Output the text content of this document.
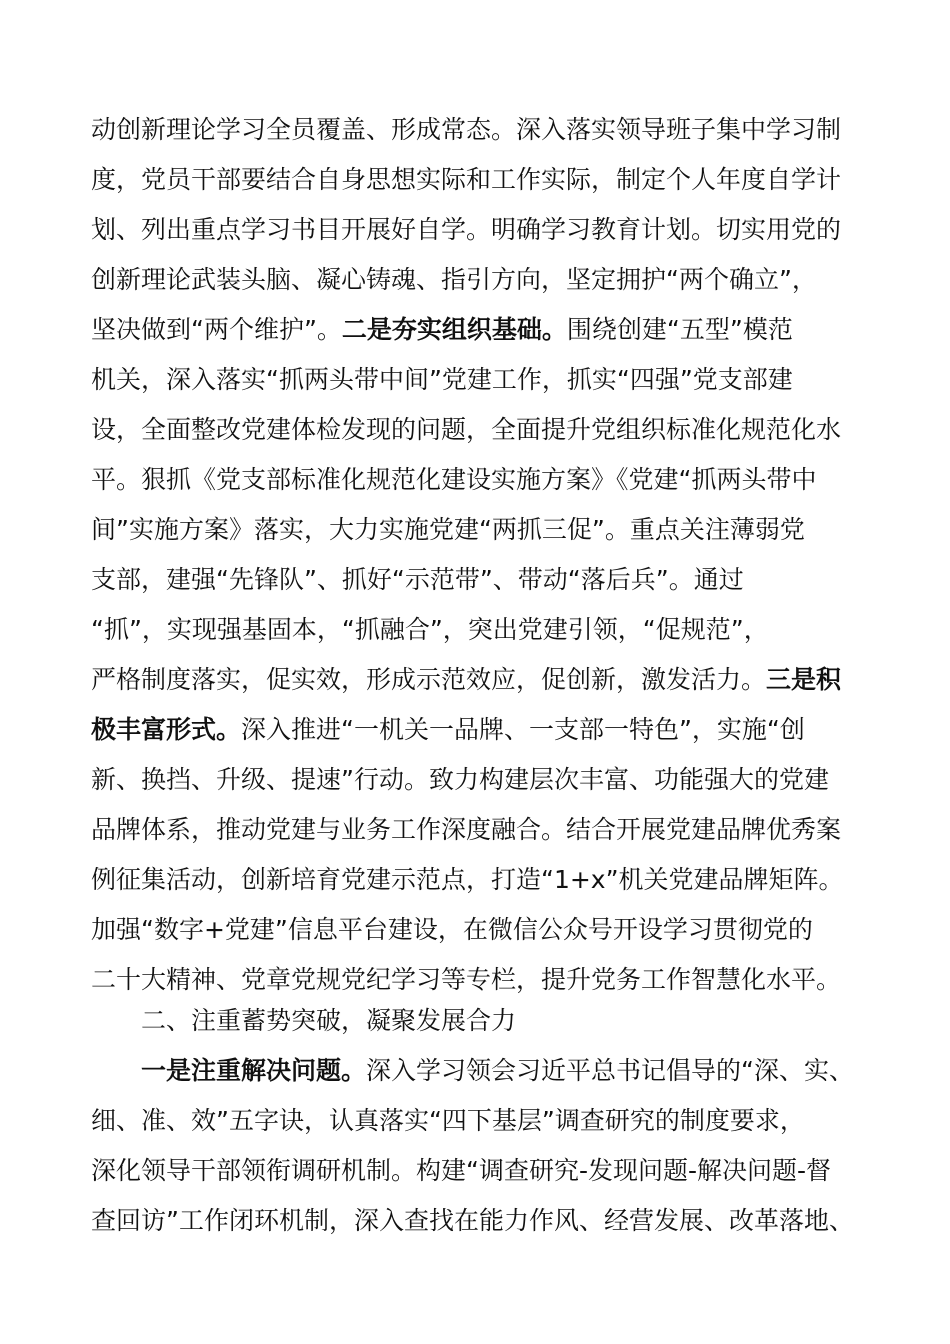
动创新理论学习全员覆盖、形成常态。深入落实领导班子集中学习制
度，党员干部要结合自身思想实际和工作实际，制定个人年度自学计
划、列出重点学习书目开展好自学。明确学习教育计划。切实用党的
创新理论武装头脑、凝心铸魂、指引方向，坚定拥护“两个确立”，
坚决做到“两个维护”。二是夯实组织基础。围绕创建“五型”模范
机关，深入落实“抓两头带中间”党建工作，抓实“四强”党支部建
设，全面整改党建体检发现的问题，全面提升党组织标准化规范化水
平。狠抓《党支部标准化规范化建设实施方案》《党建“抓两头带中
间”实施方案》落实，大力实施党建“两抓三促”。重点关注薄弱党
支部，建强“先锋队”、抓好“示范带”、带动“落后兵”。通过
“抓”，实现强基固本，“抓融合”，突出党建引领，“促规范”，
严格制度落实，促实效，形成示范效应，促创新，激发活力。三是积
极丰富形式。深入推进“一机关一品牌、一支部一特色”，实施“创
新、换挡、升级、提速”行动。致力构建层次丰富、功能强大的党建
品牌体系，推动党建与业务工作深度融合。结合开展党建品牌优秀案
例征集活动，创新培育党建示范点，打造“1+x”机关党建品牌矩阵。
加强“数字+党建”信息平台建设，在微信公众号开设学习贯彻党的
二十大精神、党章党规党纪学习等专栏，提升党务工作智慧化水平。
二、注重蓄势突破，凝聚发展合力
一是注重解决问题。深入学习领会习近平总书记倡导的“深、实、
细、准、效”五字诀，认真落实“四下基层”调查研究的制度要求，
深化领导干部领衔调研机制。构建“调查研究-发现问题-解决问题-督
查回访”工作闭环机制，深入查找在能力作风、经营发展、改革落地、
